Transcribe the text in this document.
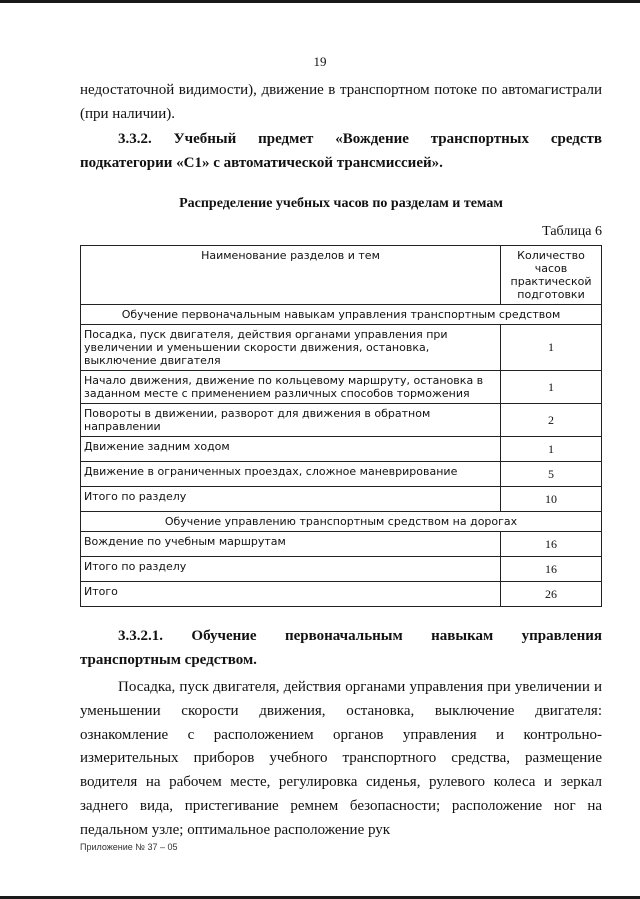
19
недостаточной видимости), движение в транспортном потоке по автомагистрали (при наличии).
3.3.2. Учебный предмет «Вождение транспортных средств подкатегории «С1» с автоматической трансмиссией».
Распределение учебных часов по разделам и темам
Таблица 6
Наименование разделов и тем	Количество часов практической подготовки
Обучение первоначальным навыкам управления транспортным средством	
Посадка, пуск двигателя, действия органами управления при увеличении и уменьшении скорости движения, остановка, выключение двигателя	1
Начало движения, движение по кольцевому маршруту, остановка в заданном месте с применением различных способов торможения	1
Повороты в движении, разворот для движения в обратном направлении	2
Движение задним ходом	1
Движение в ограниченных проездах, сложное маневрирование	5
Итого по разделу	10
Обучение управлению транспортным средством на дорогах	
Вождение по учебным маршрутам	16
Итого по разделу	16
Итого	26
3.3.2.1. Обучение первоначальным навыкам управления транспортным средством.
Посадка, пуск двигателя, действия органами управления при увеличении и уменьшении скорости движения, остановка, выключение двигателя: ознакомление с расположением органов управления и контрольно-измерительных приборов учебного транспортного средства, размещение водителя на рабочем месте, регулировка сиденья, рулевого колеса и зеркал заднего вида, пристегивание ремнем безопасности; расположение ног на педальном узле; оптимальное расположение рук
Приложение № 37 – 05
